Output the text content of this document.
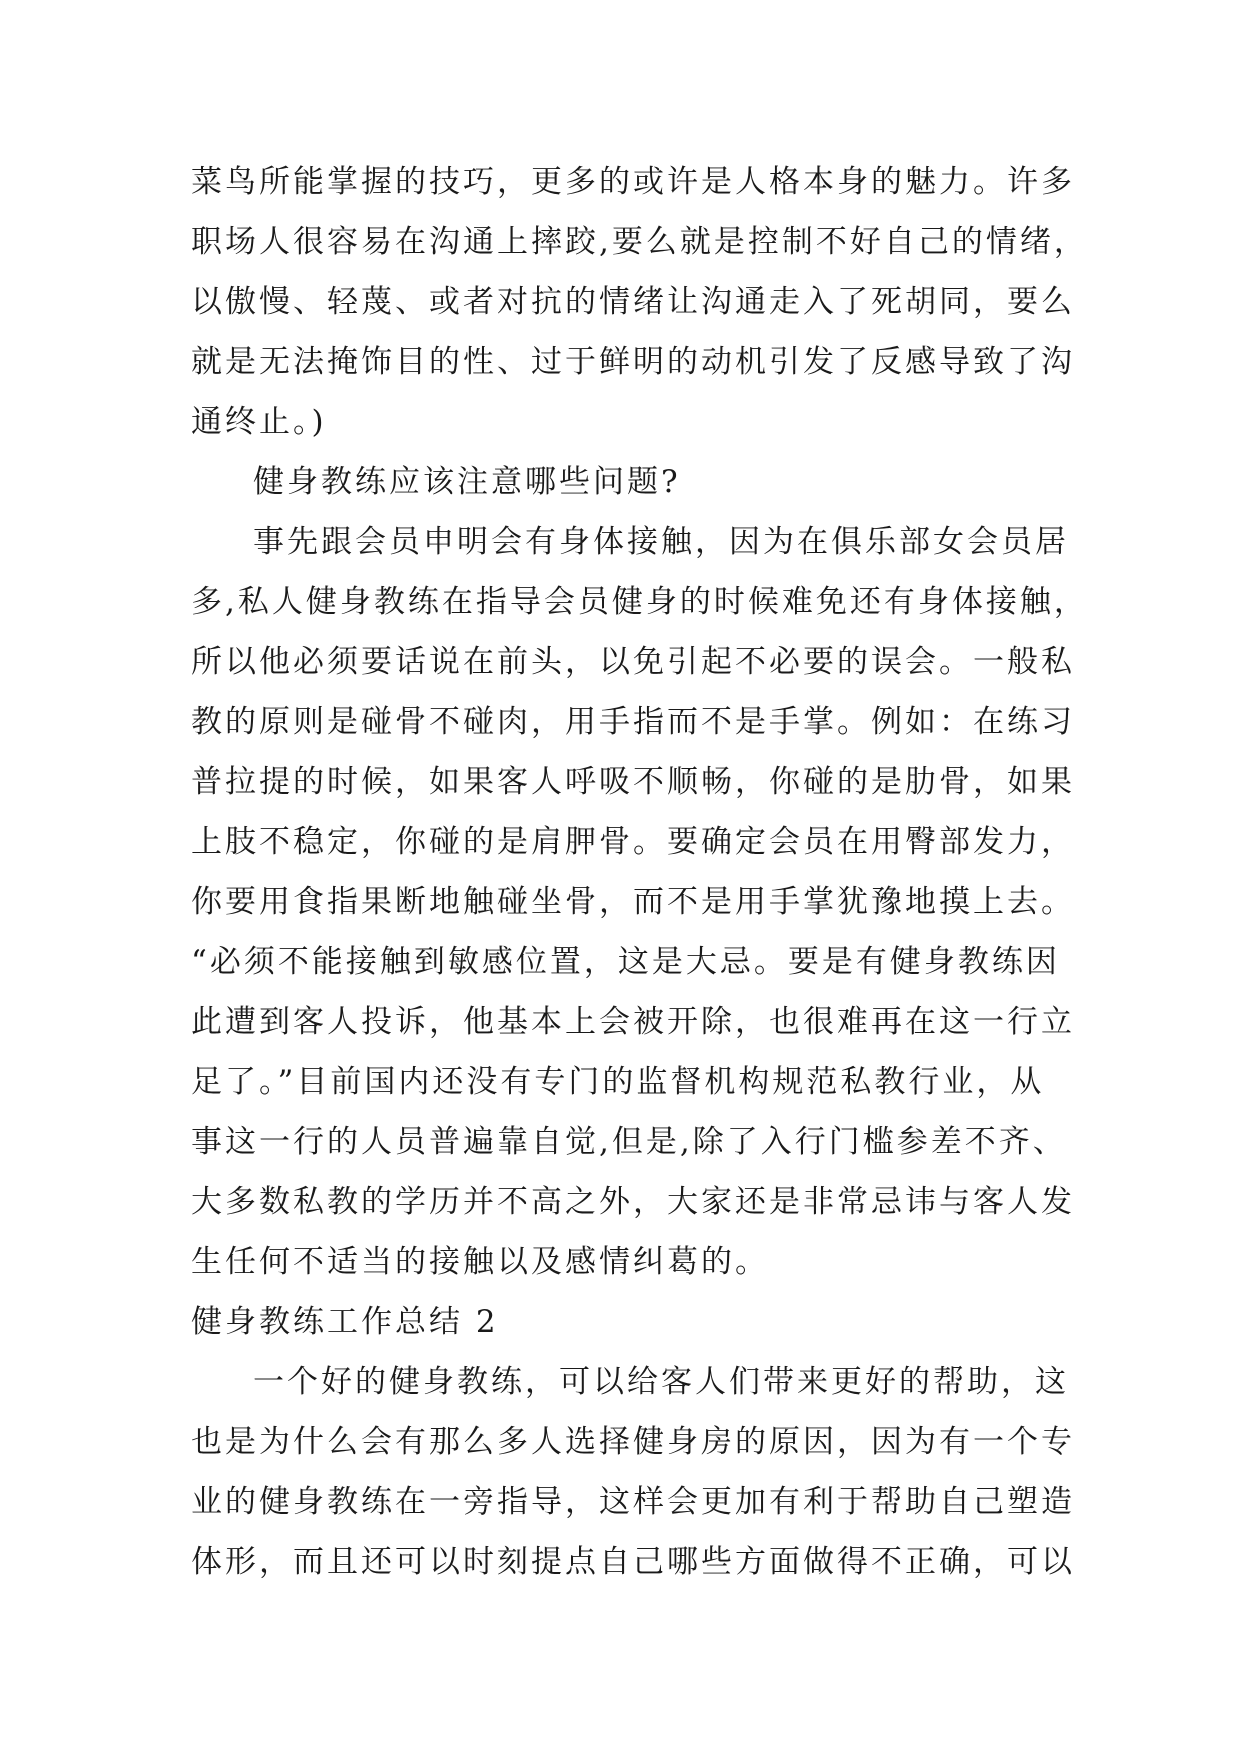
菜鸟所能掌握的技巧，更多的或许是人格本身的魅力。许多
职场人很容易在沟通上摔跤,要么就是控制不好自己的情绪，
以傲慢、轻蔑、或者对抗的情绪让沟通走入了死胡同，要么
就是无法掩饰目的性、过于鲜明的动机引发了反感导致了沟
通终止。)
健身教练应该注意哪些问题?
事先跟会员申明会有身体接触，因为在俱乐部女会员居
多,私人健身教练在指导会员健身的时候难免还有身体接触，
所以他必须要话说在前头，以免引起不必要的误会。一般私
教的原则是碰骨不碰肉，用手指而不是手掌。例如：在练习
普拉提的时候，如果客人呼吸不顺畅，你碰的是肋骨，如果
上肢不稳定，你碰的是肩胛骨。要确定会员在用臀部发力，
你要用食指果断地触碰坐骨，而不是用手掌犹豫地摸上去。
“必须不能接触到敏感位置，这是大忌。要是有健身教练因
此遭到客人投诉，他基本上会被开除，也很难再在这一行立
足了。”目前国内还没有专门的监督机构规范私教行业，从
事这一行的人员普遍靠自觉,但是,除了入行门槛参差不齐、
大多数私教的学历并不高之外，大家还是非常忌讳与客人发
生任何不适当的接触以及感情纠葛的。
健身教练工作总结 2
一个好的健身教练，可以给客人们带来更好的帮助，这
也是为什么会有那么多人选择健身房的原因，因为有一个专
业的健身教练在一旁指导，这样会更加有利于帮助自己塑造
体形，而且还可以时刻提点自己哪些方面做得不正确，可以
